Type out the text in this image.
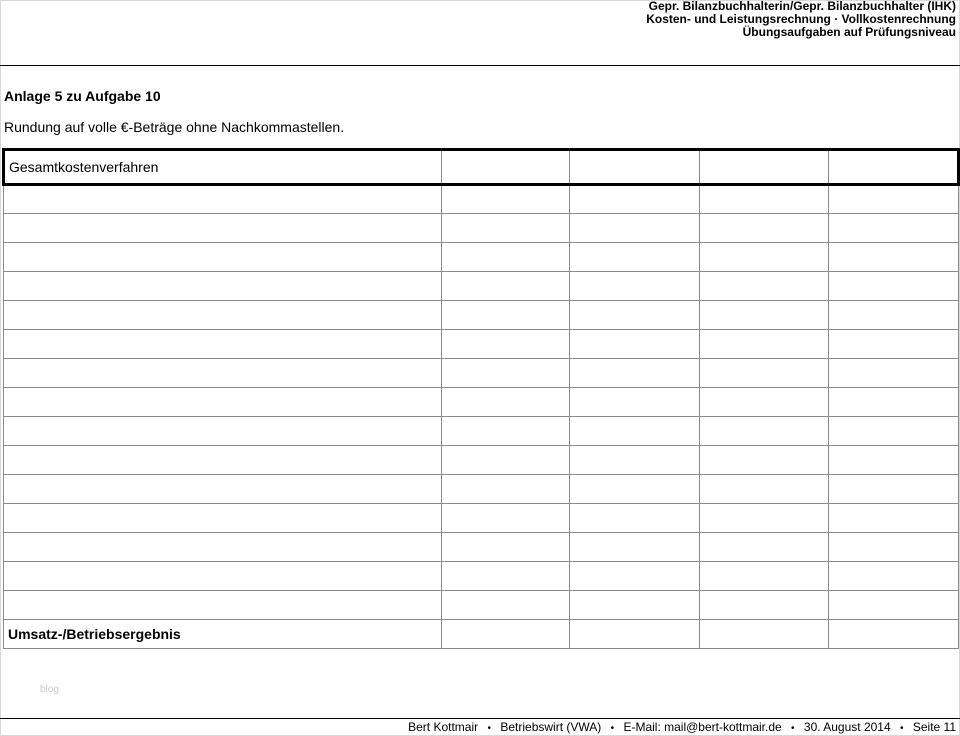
Gepr. Bilanzbuchhalterin/Gepr. Bilanzbuchhalter (IHK)
Kosten- und Leistungsrechnung · Vollkostenrechnung
Übungsaufgaben auf Prüfungsniveau
Anlage 5 zu Aufgabe 10
Rundung auf volle €-Beträge ohne Nachkommastellen.
Gesamtkostenverfahren				

Umsatz-/Betriebsergebnis				
blog
Bert Kottmair • Betriebswirt (VWA) • E-Mail: mail@bert-kottmair.de • 30. August 2014 • Seite 11
